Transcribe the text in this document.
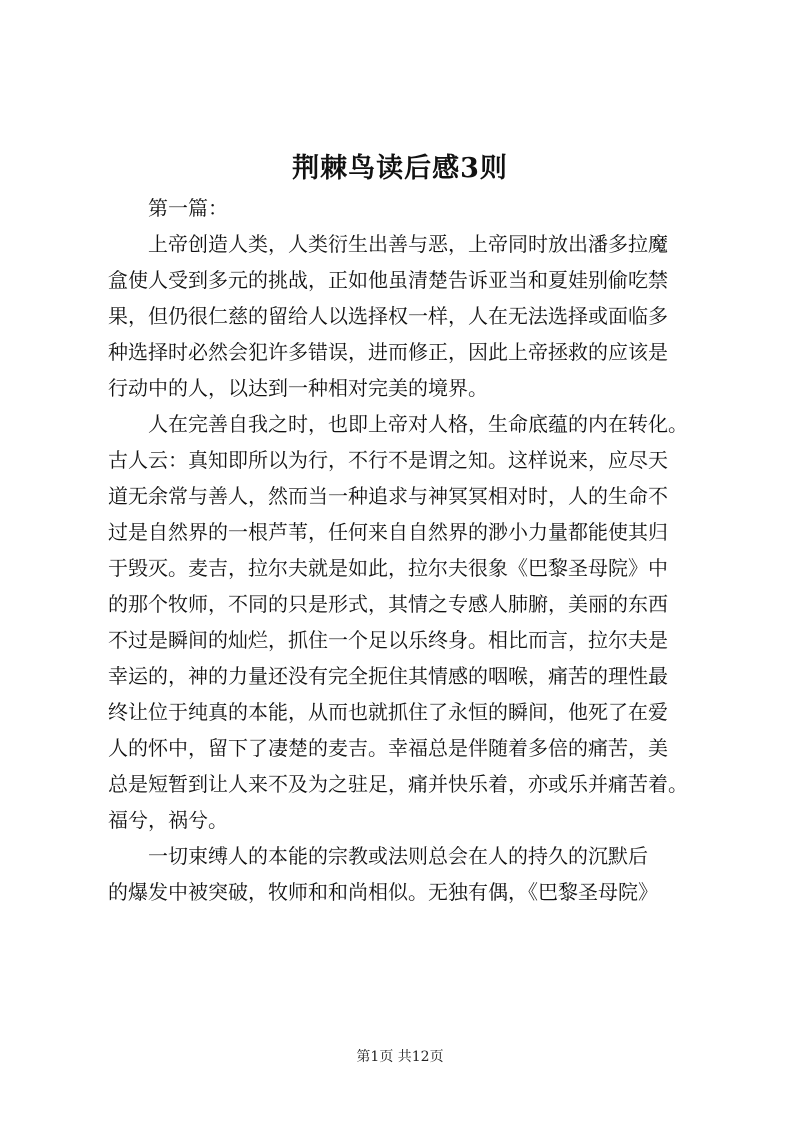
荆棘鸟读后感3则

第一篇：

上帝创造人类，人类衍生出善与恶，上帝同时放出潘多拉魔
盒使人受到多元的挑战，正如他虽清楚告诉亚当和夏娃别偷吃禁
果，但仍很仁慈的留给人以选择权一样，人在无法选择或面临多
种选择时必然会犯许多错误，进而修正，因此上帝拯救的应该是
行动中的人，以达到一种相对完美的境界。
人在完善自我之时，也即上帝对人格，生命底蕴的内在转化。
古人云：真知即所以为行，不行不是谓之知。这样说来，应尽天
道无余常与善人，然而当一种追求与神冥冥相对时，人的生命不
过是自然界的一根芦苇，任何来自自然界的渺小力量都能使其归
于毁灭。麦吉，拉尔夫就是如此，拉尔夫很象《巴黎圣母院》中
的那个牧师，不同的只是形式，其情之专感人肺腑，美丽的东西
不过是瞬间的灿烂，抓住一个足以乐终身。相比而言，拉尔夫是
幸运的，神的力量还没有完全扼住其情感的咽喉，痛苦的理性最
终让位于纯真的本能，从而也就抓住了永恒的瞬间，他死了在爱
人的怀中，留下了凄楚的麦吉。幸福总是伴随着多倍的痛苦，美
总是短暂到让人来不及为之驻足，痛并快乐着，亦或乐并痛苦着。
福兮，祸兮。
一切束缚人的本能的宗教或法则总会在人的持久的沉默后
的爆发中被突破，牧师和和尚相似。无独有偶，《巴黎圣母院》
第1页 共12页
